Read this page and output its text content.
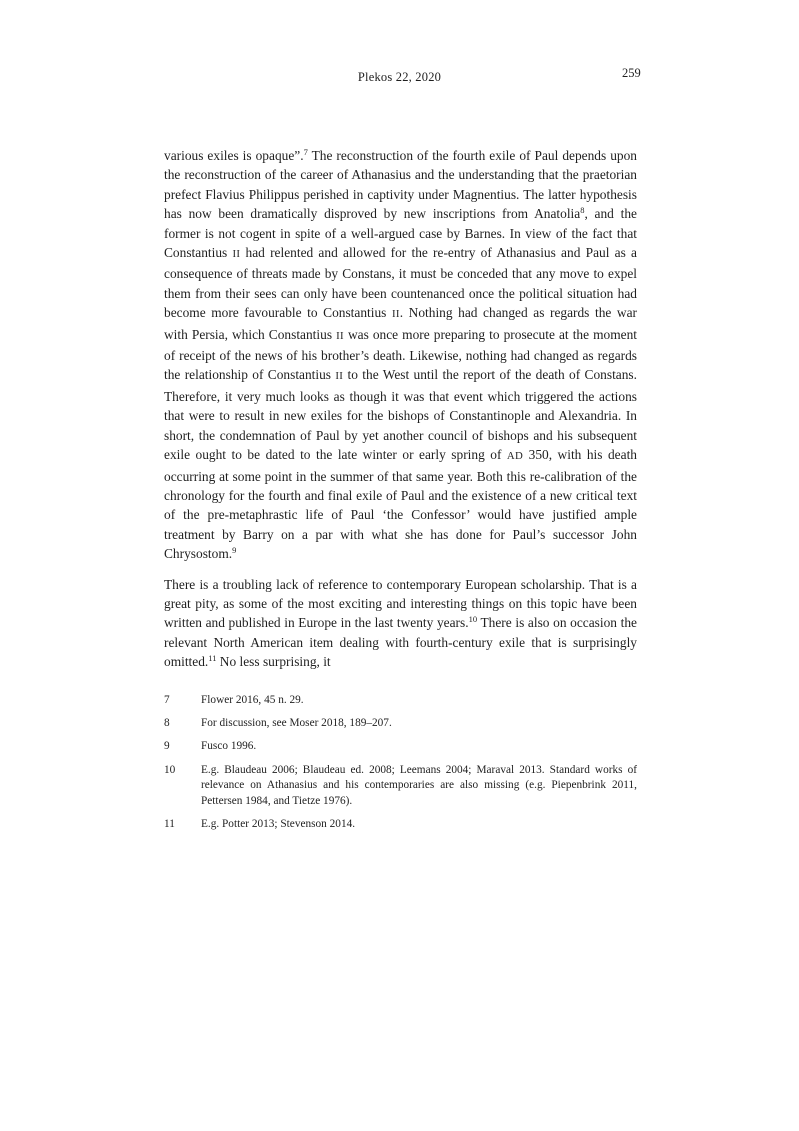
Plekos 22, 2020	259

various exiles is opaque”.$^7$ The reconstruction of the fourth exile of Paul depends upon the reconstruction of the career of Athanasius and the understanding that the praetorian prefect Flavius Philippus perished in captivity under Magnentius. The latter hypothesis has now been dramatically disproved by new inscriptions from Anatolia$^8$, and the former is not cogent in spite of a well-argued case by Barnes. In view of the fact that Constantius II had relented and allowed for the re-entry of Athanasius and Paul as a consequence of threats made by Constans, it must be conceded that any move to expel them from their sees can only have been countenanced once the political situation had become more favourable to Constantius II. Nothing had changed as regards the war with Persia, which Constantius II was once more preparing to prosecute at the moment of receipt of the news of his brother’s death. Likewise, nothing had changed as regards the relationship of Constantius II to the West until the report of the death of Constans. Therefore, it very much looks as though it was that event which triggered the actions that were to result in new exiles for the bishops of Constantinople and Alexandria. In short, the condemnation of Paul by yet another council of bishops and his subsequent exile ought to be dated to the late winter or early spring of AD 350, with his death occurring at some point in the summer of that same year. Both this re-calibration of the chronology for the fourth and final exile of Paul and the existence of a new critical text of the pre-metaphrastic life of Paul ‘the Confessor’ would have justified ample treatment by Barry on a par with what she has done for Paul’s successor John Chrysostom.$^9$

There is a troubling lack of reference to contemporary European scholarship. That is a great pity, as some of the most exciting and interesting things on this topic have been written and published in Europe in the last twenty years.$^{10}$ There is also on occasion the relevant North American item dealing with fourth-century exile that is surprisingly omitted.$^{11}$ No less surprising, it

7	Flower 2016, 45 n. 29.
8	For discussion, see Moser 2018, 189–207.
9	Fusco 1996.
10	E.g. Blaudeau 2006; Blaudeau ed. 2008; Leemans 2004; Maraval 2013. Standard works of relevance on Athanasius and his contemporaries are also missing (e.g. Piepenbrink 2011, Pettersen 1984, and Tietze 1976).
11	E.g. Potter 2013; Stevenson 2014.
